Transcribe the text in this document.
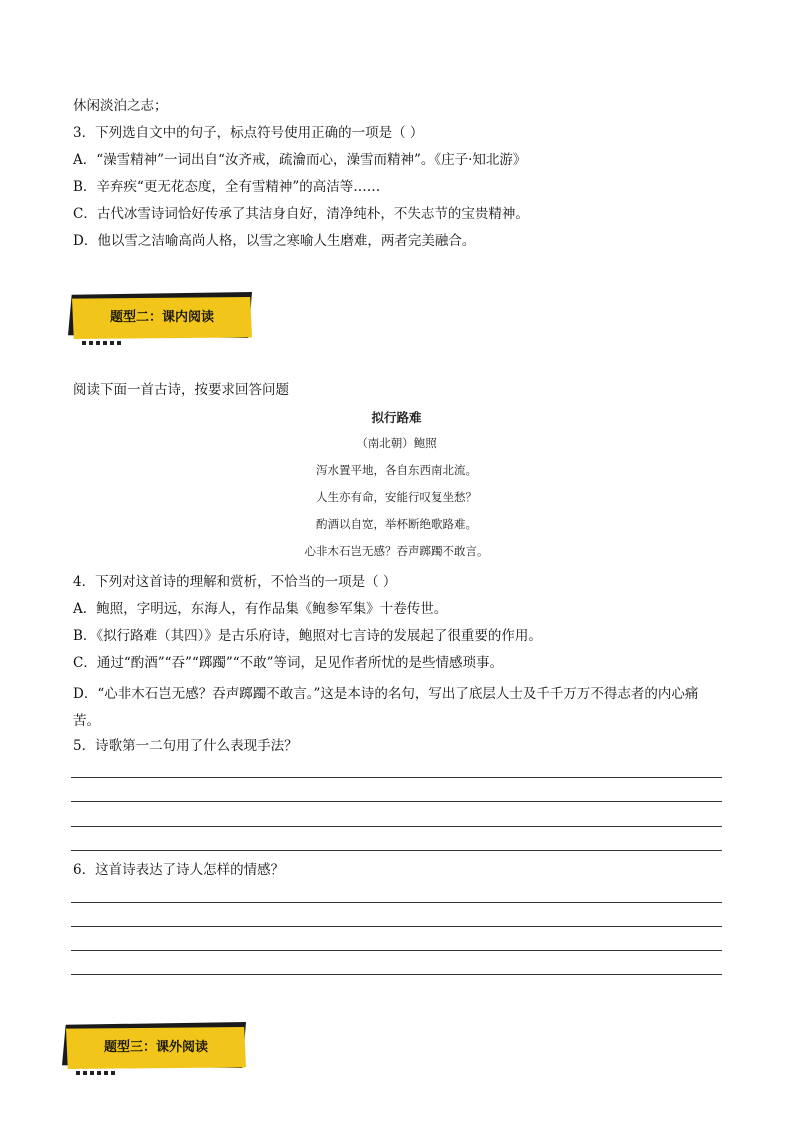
休闲淡泊之志；
3．下列选自文中的句子，标点符号使用正确的一项是（ ）
A．“澡雪精神”一词出自“汝齐戒，疏瀹而心，澡雪而精神”。《庄子·知北游》
B．辛弃疾“更无花态度，全有雪精神”的高洁等……
C．古代冰雪诗词恰好传承了其洁身自好，清净纯朴，不失志节的宝贵精神。
D．他以雪之洁喻高尚人格，以雪之寒喻人生磨难，两者完美融合。
题型二：课内阅读
阅读下面一首古诗，按要求回答问题
拟行路难
（南北朝）鲍照
泻水置平地，各自东西南北流。
人生亦有命，安能行叹复坐愁？
酌酒以自宽，举杯断绝歌路难。
心非木石岂无感？吞声踯躅不敢言。
4．下列对这首诗的理解和赏析，不恰当的一项是（ ）
A．鲍照，字明远，东海人，有作品集《鲍参军集》十卷传世。
B．《拟行路难（其四）》是古乐府诗，鲍照对七言诗的发展起了很重要的作用。
C．通过“酌酒”“吞”“踯躅”“不敢”等词，足见作者所忧的是些情感琐事。
D．“心非木石岂无感？吞声踯躅不敢言。”这是本诗的名句，写出了底层人士及千千万万不得志者的内心痛苦。
5．诗歌第一二句用了什么表现手法？
6．这首诗表达了诗人怎样的情感？
题型三：课外阅读
